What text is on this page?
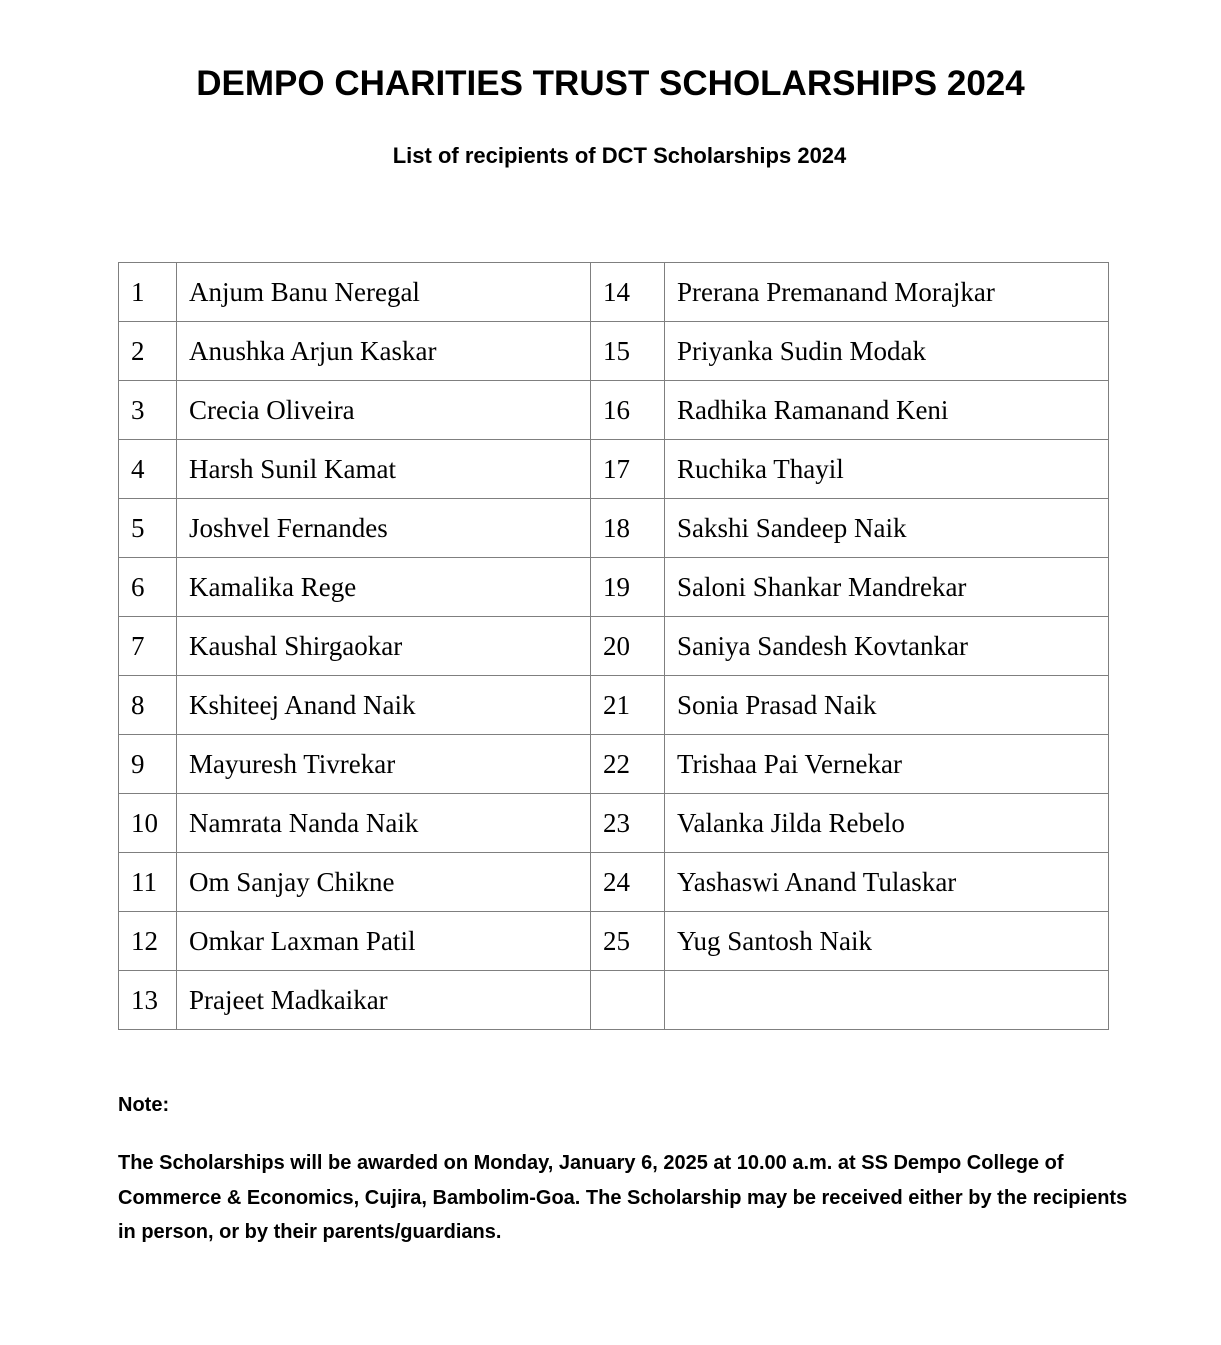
DEMPO CHARITIES TRUST SCHOLARSHIPS 2024
List of recipients of DCT Scholarships 2024
1	Anjum Banu Neregal	14	Prerana Premanand Morajkar
2	Anushka Arjun Kaskar	15	Priyanka Sudin Modak
3	Crecia Oliveira	16	Radhika Ramanand Keni
4	Harsh Sunil Kamat	17	Ruchika Thayil
5	Joshvel Fernandes	18	Sakshi Sandeep Naik
6	Kamalika Rege	19	Saloni Shankar Mandrekar
7	Kaushal Shirgaokar	20	Saniya Sandesh Kovtankar
8	Kshiteej Anand Naik	21	Sonia Prasad Naik
9	Mayuresh Tivrekar	22	Trishaa Pai Vernekar
10	Namrata Nanda Naik	23	Valanka Jilda Rebelo
11	Om Sanjay Chikne	24	Yashaswi Anand Tulaskar
12	Omkar Laxman Patil	25	Yug Santosh Naik
13	Prajeet Madkaikar		
Note:
The Scholarships will be awarded on Monday, January 6, 2025 at 10.00 a.m. at SS Dempo College of Commerce & Economics, Cujira, Bambolim-Goa. The Scholarship may be received either by the recipients in person, or by their parents/guardians.
